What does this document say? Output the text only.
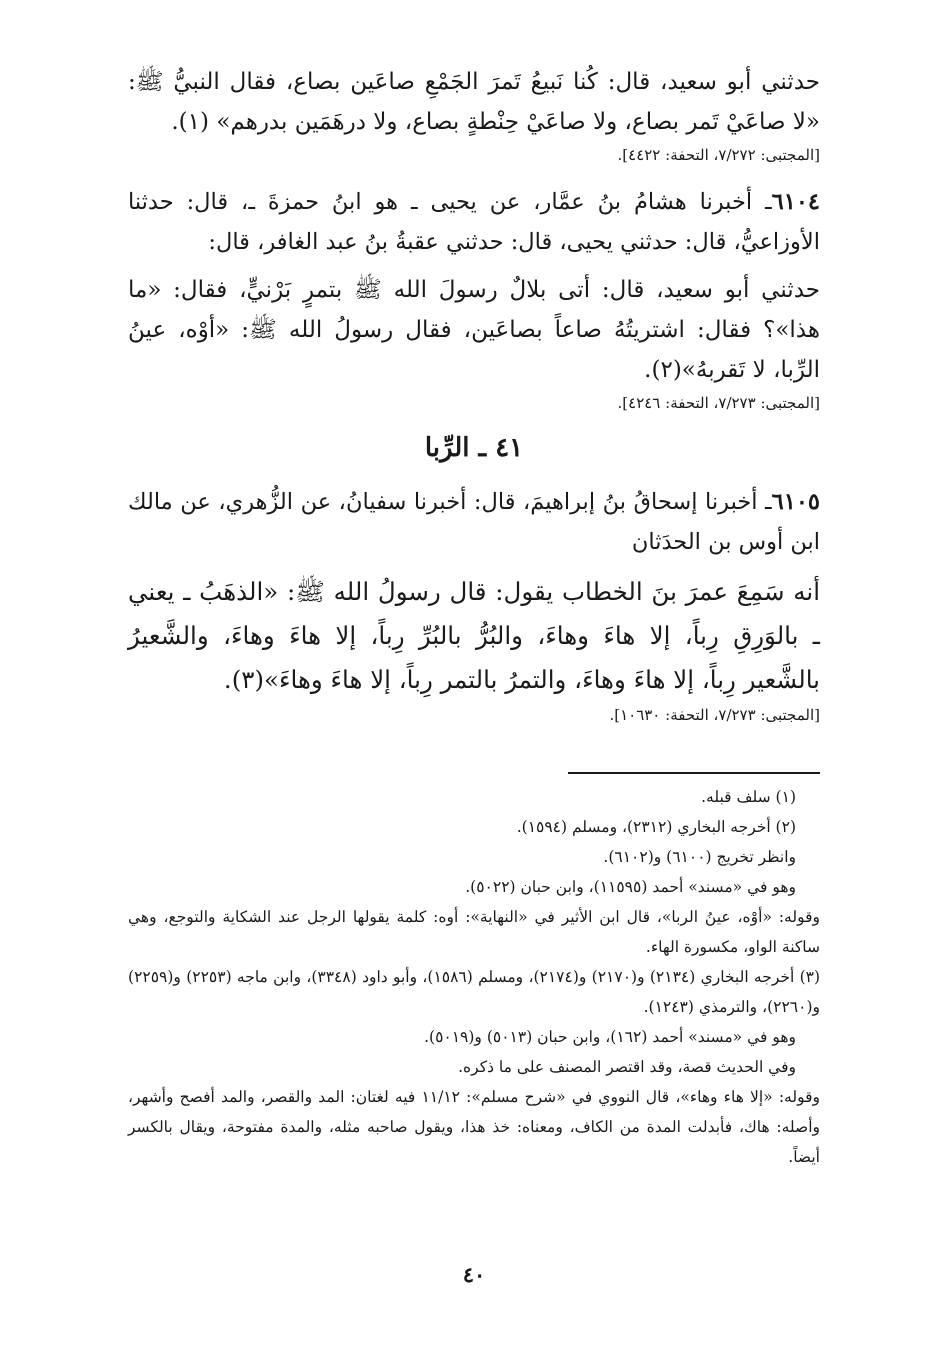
حدثني أبو سعيد، قال: كُنا نَبيعُ تَمرَ الجَمْعِ صاعَين بصاع، فقال النبيُّ ﷺ: «لا صاعَيْ تَمر بصاع، ولا صاعَيْ حِنْطةٍ بصاع، ولا درهَمَين بدرهم» (١).

[المجتبى: ٧/٢٧٢، التحفة: ٤٤٢٢].

٦١٠٤ـ أخبرنا هشامُ بنُ عمَّار، عن يحيى ـ هو ابنُ حمزةَ ـ، قال: حدثنا الأوزاعيُّ، قال: حدثني يحيى، قال: حدثني عقبةُ بنُ عبد الغافر، قال:

حدثني أبو سعيد، قال: أتى بلالٌ رسولَ الله ﷺ بتمرٍ بَرْنيٍّ، فقال: «ما هذا»؟ فقال: اشتريتُهُ صاعاً بصاعَين، فقال رسولُ الله ﷺ: «أوْه، عينُ الرِّبا، لا تَقربهُ»(٢).

[المجتبى: ٧/٢٧٣، التحفة: ٤٢٤٦].

٤١ ـ الرِّبا

٦١٠٥ـ أخبرنا إسحاقُ بنُ إبراهيمَ، قال: أخبرنا سفيانُ، عن الزُّهري، عن مالك ابن أوس بن الحدَثان

أنه سَمِعَ عمرَ بنَ الخطاب يقول: قال رسولُ الله ﷺ: «الذهَبُ ـ يعني ـ بالوَرِقِ رِباً، إلا هاءَ وهاءَ، والبُرُّ بالبُرِّ رِباً، إلا هاءَ وهاءَ، والشَّعيرُ بالشَّعير رِباً، إلا هاءَ وهاءَ، والتمرُ بالتمر رِباً، إلا هاءَ وهاءَ»(٣).

[المجتبى: ٧/٢٧٣، التحفة: ١٠٦٣٠].

(١) سلف قبله.

(٢) أخرجه البخاري (٢٣١٢)، ومسلم (١٥٩٤).

وانظر تخريج (٦١٠٠) و(٦١٠٢).

وهو في «مسند» أحمد (١١٥٩٥)، وابن حبان (٥٠٢٢).

وقوله: «أوْه، عينُ الربا»، قال ابن الأثير في «النهاية»: أوه: كلمة يقولها الرجل عند الشكاية والتوجع، وهي ساكنة الواو، مكسورة الهاء.

(٣) أخرجه البخاري (٢١٣٤) و(٢١٧٠) و(٢١٧٤)، ومسلم (١٥٨٦)، وأبو داود (٣٣٤٨)، وابن ماجه (٢٢٥٣) و(٢٢٥٩) و(٢٢٦٠)، والترمذي (١٢٤٣).

وهو في «مسند» أحمد (١٦٢)، وابن حبان (٥٠١٣) و(٥٠١٩).

وفي الحديث قصة، وقد اقتصر المصنف على ما ذكره.

وقوله: «إلا هاء وهاء»، قال النووي في «شرح مسلم»: ١١/١٢ فيه لغتان: المد والقصر، والمد أفصح وأشهر، وأصله: هاك، فأبدلت المدة من الكاف، ومعناه: خذ هذا، ويقول صاحبه مثله، والمدة مفتوحة، ويقال بالكسر أيضاً.

٤٠
